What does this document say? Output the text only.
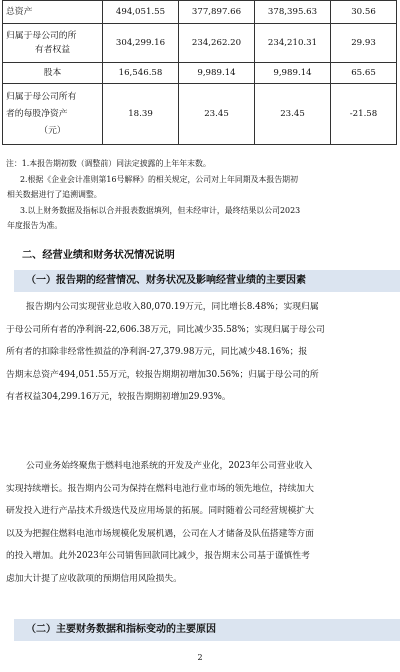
总资产	494,051.55	377,897.66	378,395.63	30.56

归属于母公司的所
有者权益	304,299.16	234,262.20	234,210.31	29.93
股本	16,546.58	9,989.14	9,989.14	65.65

归属于母公司所有
者的每股净资产
（元）	18.39	23.45	23.45	-21.58
注：1.本报告期初数（调整前）同法定披露的上年年末数。
2.根据《企业会计准则第16号解释》的相关规定，公司对上年同期及本报告期初
相关数据进行了追溯调整。
3.以上财务数据及指标以合并报表数据填列，但未经审计，最终结果以公司2023
年度报告为准。
二、经营业绩和财务状况情况说明
（一）报告期的经营情况、财务状况及影响经营业绩的主要因素
报告期内公司实现营业总收入80,070.19万元，同比增长8.48%；实现归属
于母公司所有者的净利润-22,606.38万元，同比减少35.58%；实现归属于母公司
所有者的扣除非经常性损益的净利润-27,379.98万元，同比减少48.16%；报
告期末总资产494,051.55万元，较报告期期初增加30.56%；归属于母公司的所
有者权益304,299.16万元，较报告期期初增加29.93%。
公司业务始终聚焦于燃料电池系统的开发及产业化，2023年公司营业收入
实现持续增长。报告期内公司为保持在燃料电池行业市场的领先地位，持续加大
研发投入进行产品技术升级迭代及应用场景的拓展。同时随着公司经营规模扩大
以及为把握住燃料电池市场规模化发展机遇，公司在人才储备及队伍搭建等方面
的投入增加。此外2023年公司销售回款同比减少，报告期末公司基于谨慎性考
虑加大计提了应收款项的预期信用风险损失。
（二）主要财务数据和指标变动的主要原因
2
